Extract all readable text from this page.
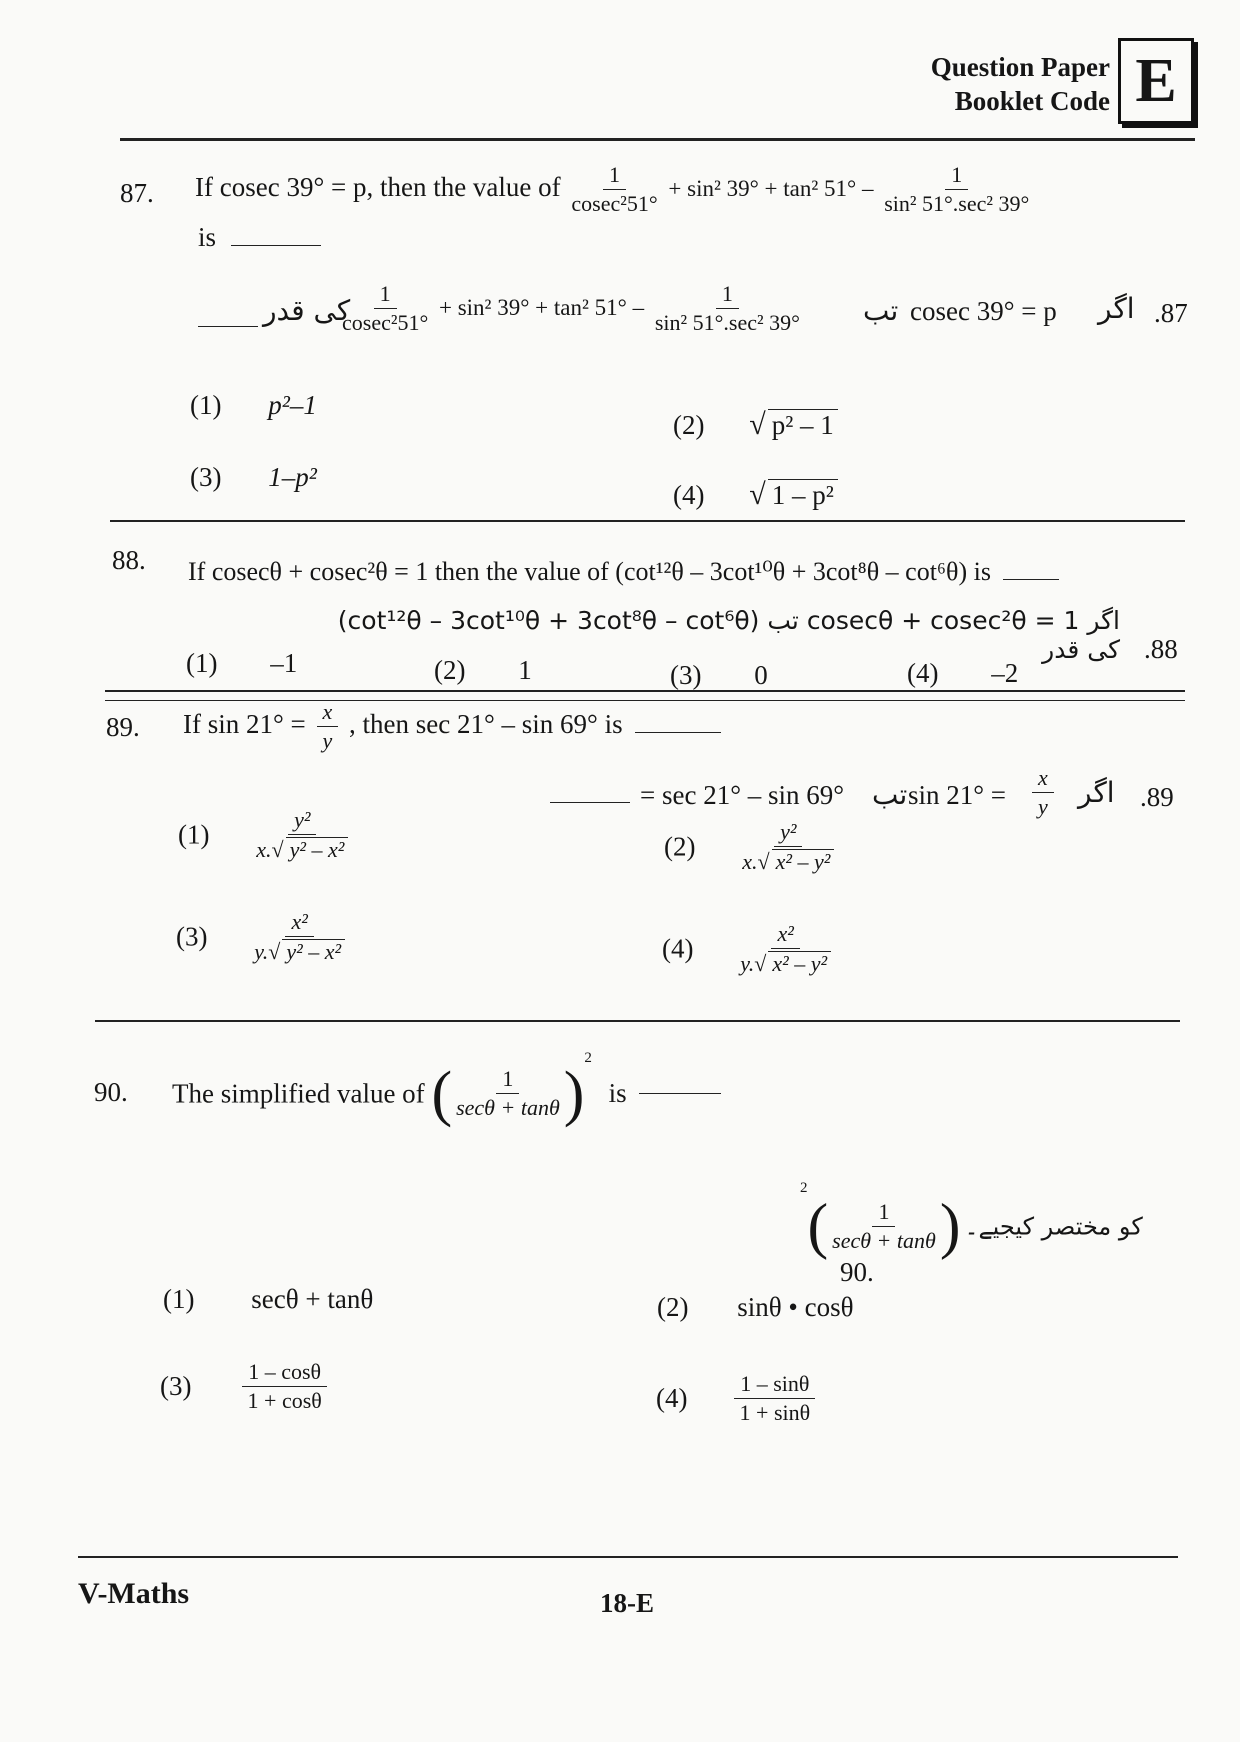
Question Paper
Booklet Code E
87. If cosec 39° = p, then the value of $\frac{1}{\text{cosec²51°}} + \sin^2$ 39° + tan² $51^\circ - \frac{1}{\text{sin² 51°.sec² 39°}}$
is
کی قدر
$\frac{1}{\text{cosec²51°}} + \sin^2$ 39° + tan² $51^\circ - \frac{1}{\text{sin² 51°.sec² 39°}}$ تب cosec 39° = p اگر .87
(1) p²–1
(2) √ p² – 1
(3) 1–p²
(4) √ 1 – p²
88. If cosecθ + cosec²θ = 1 then the value of (cot¹²θ – 3cot¹⁰θ + 3cot⁸θ – cot⁶θ) is
اگر cosecθ + cosec²θ = 1 تب (cot¹²θ – 3cot¹⁰θ + 3cot⁸θ – cot⁶θ) کی قدر .88
(1) –1	(2) 1	(3) 0	(4) –2
89. If $\sin 21^\circ = \frac{x}{y}$ , then sec 21° – sin 69° is
= sec 21° – sin 69° تب $\sin 21^\circ = \frac{x}{y}$ اگر .89
$(1) \frac{\text{y²}}{\text{x.√ y² – x²}}$	$(2) \frac{\text{y²}}{\text{x.√ x² – y²}}$
$(3) \frac{\text{x²}}{\text{y.√ y² – x²}}$	$(4) \frac{\text{x²}}{\text{y.√ x² – y²}}$
90. The simplified value of ( $\frac{1}{\sec\theta + \tan\theta} )^2$ is
کو مختصر کیجیے۔ (
$\frac{1}{\sec\theta + \tan\theta}$
)$^2$ .90
(1) secθ + tanθ	(2) sinθ • cosθ
$(3) \frac{1 - \cos\theta}{1 + \cos\theta}$	$(4) \frac{1 - \sin\theta}{1 + \sin\theta}$
V-Maths	18-E
